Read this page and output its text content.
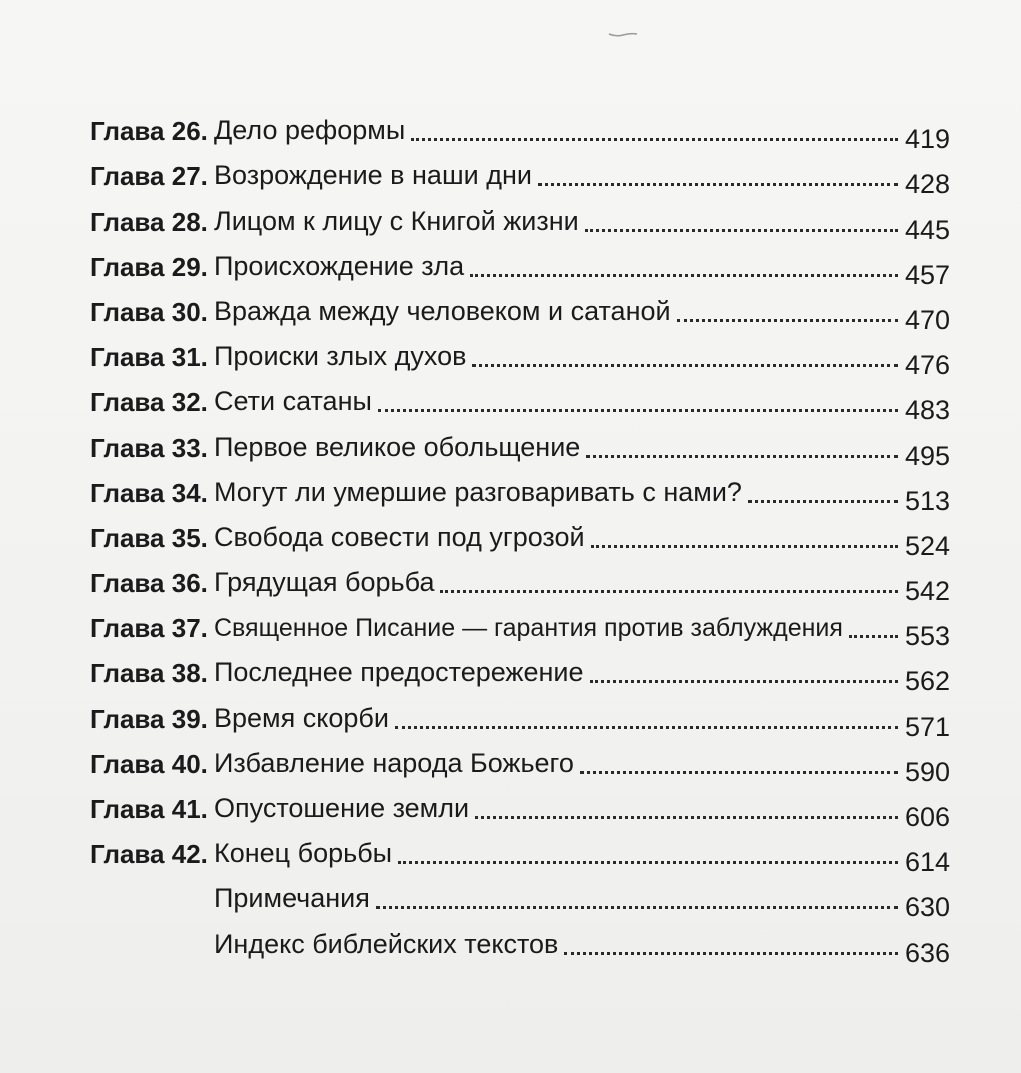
Глава 26. Дело реформы	419
Глава 27. Возрождение в наши дни	428
Глава 28. Лицом к лицу с Книгой жизни	445
Глава 29. Происхождение зла	457
Глава 30. Вражда между человеком и сатаной	470
Глава 31. Происки злых духов	476
Глава 32. Сети сатаны	483
Глава 33. Первое великое обольщение	495
Глава 34. Могут ли умершие разговаривать с нами?	513
Глава 35. Свобода совести под угрозой	524
Глава 36. Грядущая борьба	542
Глава 37. Священное Писание — гарантия против заблуждения 553
Глава 38. Последнее предостережение	562
Глава 39. Время скорби	571
Глава 40. Избавление народа Божьего	590
Глава 41. Опустошение земли	606
Глава 42. Конец борьбы	614
Примечания	630
Индекс библейских текстов	636
